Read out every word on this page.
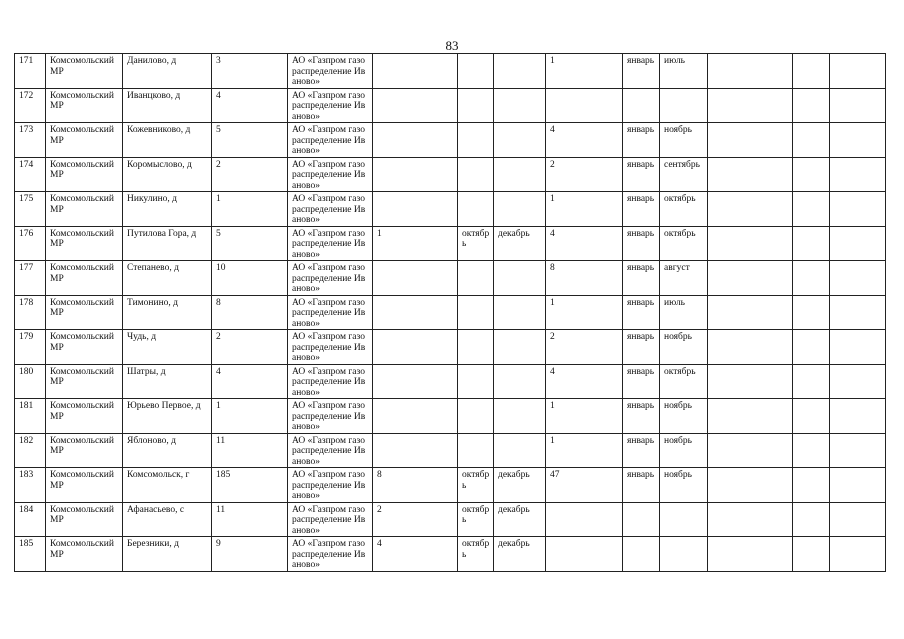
83
171	Комсомольский МР	Даниловo, д	3	АО «Газпром газораспределение Иваново»				1	январь	июль			
172	Комсомольский МР	Иванцково, д	4	АО «Газпром газораспределение Иваново»									
173	Комсомольский МР	Кожевниково, д	5	АО «Газпром газораспределение Иваново»				4	январь	ноябрь			
174	Комсомольский МР	Коромыслово, д	2	АО «Газпром газораспределение Иваново»				2	январь	сентябрь			
175	Комсомольский МР	Никулино, д	1	АО «Газпром газораспределение Иваново»				1	январь	октябрь			
176	Комсомольский МР	Путилова Гора, д	5	АО «Газпром газораспределение Иваново»	1	октябрь	декабрь	4	январь	октябрь			
177	Комсомольский МР	Степанево, д	10	АО «Газпром газораспределение Иваново»				8	январь	август			
178	Комсомольский МР	Тимонино, д	8	АО «Газпром газораспределение Иваново»				1	январь	июль			
179	Комсомольский МР	Чудь, д	2	АО «Газпром газораспределение Иваново»				2	январь	ноябрь			
180	Комсомольский МР	Шатры, д	4	АО «Газпром газораспределение Иваново»				4	январь	октябрь			
181	Комсомольский МР	Юрьево Первое, д	1	АО «Газпром газораспределение Иваново»				1	январь	ноябрь			
182	Комсомольский МР	Яблоново, д	11	АО «Газпром газораспределение Иваново»				1	январь	ноябрь			
183	Комсомольский МР	Комсомольск, г	185	АО «Газпром газораспределение Иваново»	8	октябрь	декабрь	47	январь	ноябрь			
184	Комсомольский МР	Афанасьево, с	11	АО «Газпром газораспределение Иваново»	2	октябрь	декабрь						
185	Комсомольский МР	Березники, д	9	АО «Газпром газораспределение Иваново»	4	октябрь	декабрь						
